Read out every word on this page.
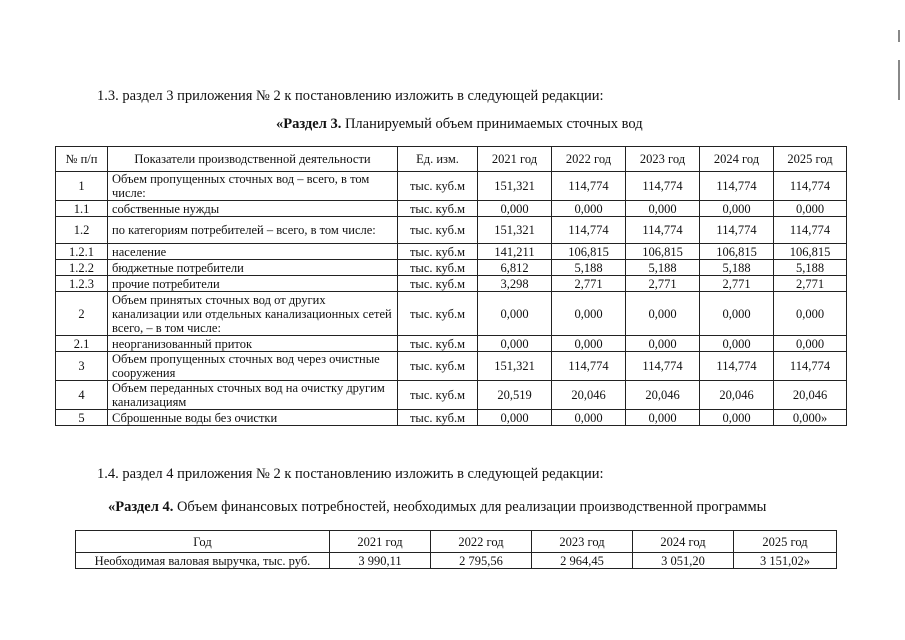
1.3. раздел 3 приложения № 2 к постановлению изложить в следующей редакции:
«Раздел 3. Планируемый объем принимаемых сточных вод
№ п/п	Показатели производственной деятельности	Ед. изм.	2021 год	2022 год	2023 год	2024 год	2025 год
1	Объем пропущенных сточных вод – всего, в том числе:	тыс. куб.м	151,321	114,774	114,774	114,774	114,774
1.1	собственные нужды	тыс. куб.м	0,000	0,000	0,000	0,000	0,000
1.2	по категориям потребителей – всего, в том числе:	тыс. куб.м	151,321	114,774	114,774	114,774	114,774
1.2.1	население	тыс. куб.м	141,211	106,815	106,815	106,815	106,815
1.2.2	бюджетные потребители	тыс. куб.м	6,812	5,188	5,188	5,188	5,188
1.2.3	прочие потребители	тыс. куб.м	3,298	2,771	2,771	2,771	2,771
2	Объем принятых сточных вод от других канализации или отдельных канализационных сетей всего, – в том числе:	тыс. куб.м	0,000	0,000	0,000	0,000	0,000
2.1	неорганизованный приток	тыс. куб.м	0,000	0,000	0,000	0,000	0,000
3	Объем пропущенных сточных вод через очистные сооружения	тыс. куб.м	151,321	114,774	114,774	114,774	114,774
4	Объем переданных сточных вод на очистку другим канализациям	тыс. куб.м	20,519	20,046	20,046	20,046	20,046
5	Сброшенные воды без очистки	тыс. куб.м	0,000	0,000	0,000	0,000	0,000»
1.4. раздел 4 приложения № 2 к постановлению изложить в следующей редакции:
«Раздел 4. Объем финансовых потребностей, необходимых для реализации производственной программы
Год	2021 год	2022 год	2023 год	2024 год	2025 год
Необходимая валовая выручка, тыс. руб.	3 990,11	2 795,56	2 964,45	3 051,20	3 151,02»
